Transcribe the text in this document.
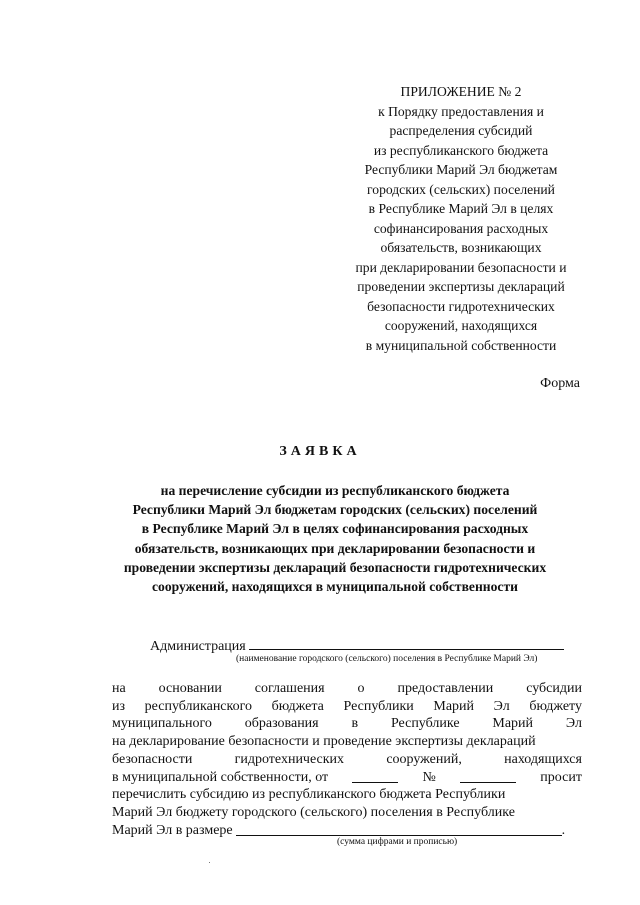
ПРИЛОЖЕНИЕ № 2
к Порядку предоставления и
распределения субсидий
из республиканского бюджета
Республики Марий Эл бюджетам
городских (сельских) поселений
в Республике Марий Эл в целях
софинансирования расходных
обязательств, возникающих
при декларировании безопасности и
проведении экспертизы деклараций
безопасности гидротехнических
сооружений, находящихся
в муниципальной собственности
Форма
ЗАЯВКА
на перечисление субсидии из республиканского бюджета
Республики Марий Эл бюджетам городских (сельских) поселений
в Республике Марий Эл в целях софинансирования расходных
обязательств, возникающих при декларировании безопасности и
проведении экспертизы деклараций безопасности гидротехнических
сооружений, находящихся в муниципальной собственности
Администрация
(наименование городского (сельского) поселения в Республике Марий Эл)
на основании соглашения о предоставлении субсидии
из республиканского бюджета Республики Марий Эл бюджету
муниципального образования в Республике Марий Эл
на декларирование безопасности и проведение экспертизы деклараций
безопасности	гидротехнических	сооружений,	находящихся
в муниципальной собственности, от	№	просит
перечислить субсидию из республиканского бюджета Республики
Марий Эл бюджету городского (сельского) поселения в Республике
Марий Эл в размере	.
(сумма цифрами и прописью)
